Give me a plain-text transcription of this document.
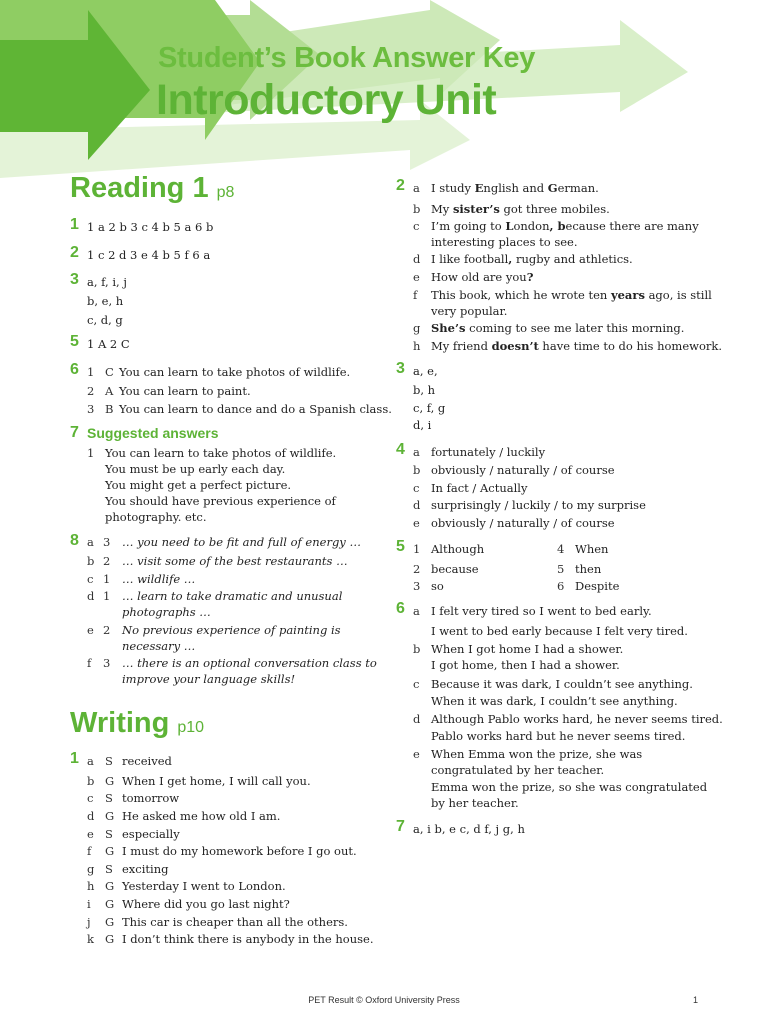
Student’s Book Answer Key
Introductory Unit
Reading 1 p8
1 1 a 2 b 3 c 4 b 5 a 6 b
2 1 c 2 d 3 e 4 b 5 f 6 a
3 a, f, i, j
b, e, h
c, d, g
5 1 A 2 C
6 1 C You can learn to take photos of wildlife.
2 A You can learn to paint.
3 B You can learn to dance and do a Spanish class.
7 Suggested answers
1 You can learn to take photos of wildlife.
You must be up early each day.
You might get a perfect picture.
You should have previous experience of
photography. etc.
8 a 3 … you need to be fit and full of energy …
b 2 … visit some of the best restaurants …
c 1 … wildlife …
d 1 … learn to take dramatic and unusual
photographs …
e 2 No previous experience of painting is
necessary …
f 3 … there is an optional conversation class to
improve your language skills!
Writing p10
1 a S received
b G When I get home, I will call you.
c S tomorrow
d G He asked me how old I am.
e S especially
f G I must do my homework before I go out.
g S exciting
h G Yesterday I went to London.
i G Where did you go last night?
j G This car is cheaper than all the others.
k G I don’t think there is anybody in the house.
2 a I study English and German.
b My sister’s got three mobiles.
c I’m going to London, because there are many
interesting places to see.
d I like football, rugby and athletics.
e How old are you?
f This book, which he wrote ten years ago, is still
very popular.
g She’s coming to see me later this morning.
h My friend doesn’t have time to do his homework.
3 a, e,
b, h
c, f, g
d, i
4 a fortunately / luckily
b obviously / naturally / of course
c In fact / Actually
d surprisingly / luckily / to my surprise
e obviously / naturally / of course
5 1 Although	4 When
2 because	5 then
3 so	6 Despite
6 a I felt very tired so I went to bed early.
I went to bed early because I felt very tired.
b When I got home I had a shower.
I got home, then I had a shower.
c Because it was dark, I couldn’t see anything.
When it was dark, I couldn’t see anything.
d Although Pablo works hard, he never seems tired.
Pablo works hard but he never seems tired.
e When Emma won the prize, she was
congratulated by her teacher.
Emma won the prize, so she was congratulated
by her teacher.
7 a, i b, e c, d f, j g, h
PET Result © Oxford University Press	1
